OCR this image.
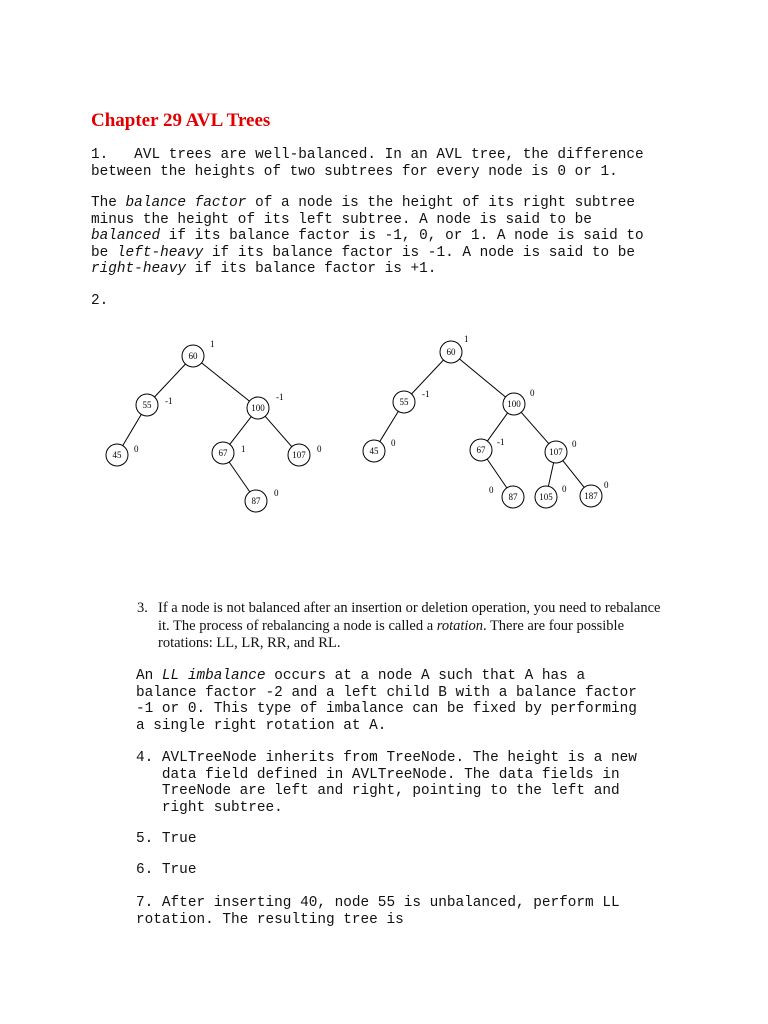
Chapter 29 AVL Trees
1.   AVL trees are well-balanced. In an AVL tree, the difference
between the heights of two subtrees for every node is 0 or 1.
The balance factor of a node is the height of its right subtree
minus the height of its left subtree. A node is said to be
balanced if its balance factor is -1, 0, or 1. A node is said to
be left-heavy if its balance factor is -1. A node is said to be
right-heavy if its balance factor is +1.
2.
60
1
55 -1
100
-1
45
0	67 1
107
0
87
0
60
1
55
-1
100
0
45
0
67
-1
107
0
87
0
105
0
187
0
3. If a node is not balanced after an insertion or deletion operation, you need to rebalance
it. The process of rebalancing a node is called a rotation. There are four possible
rotations: LL, LR, RR, and RL.
An LL imbalance occurs at a node A such that A has a
balance factor -2 and a left child B with a balance factor
-1 or 0. This type of imbalance can be fixed by performing
a single right rotation at A.
4. AVLTreeNode inherits from TreeNode. The height is a new
data field defined in AVLTreeNode. The data fields in
TreeNode are left and right, pointing to the left and
right subtree.
5. True
6. True
7. After inserting 40, node 55 is unbalanced, perform LL
rotation. The resulting tree is
